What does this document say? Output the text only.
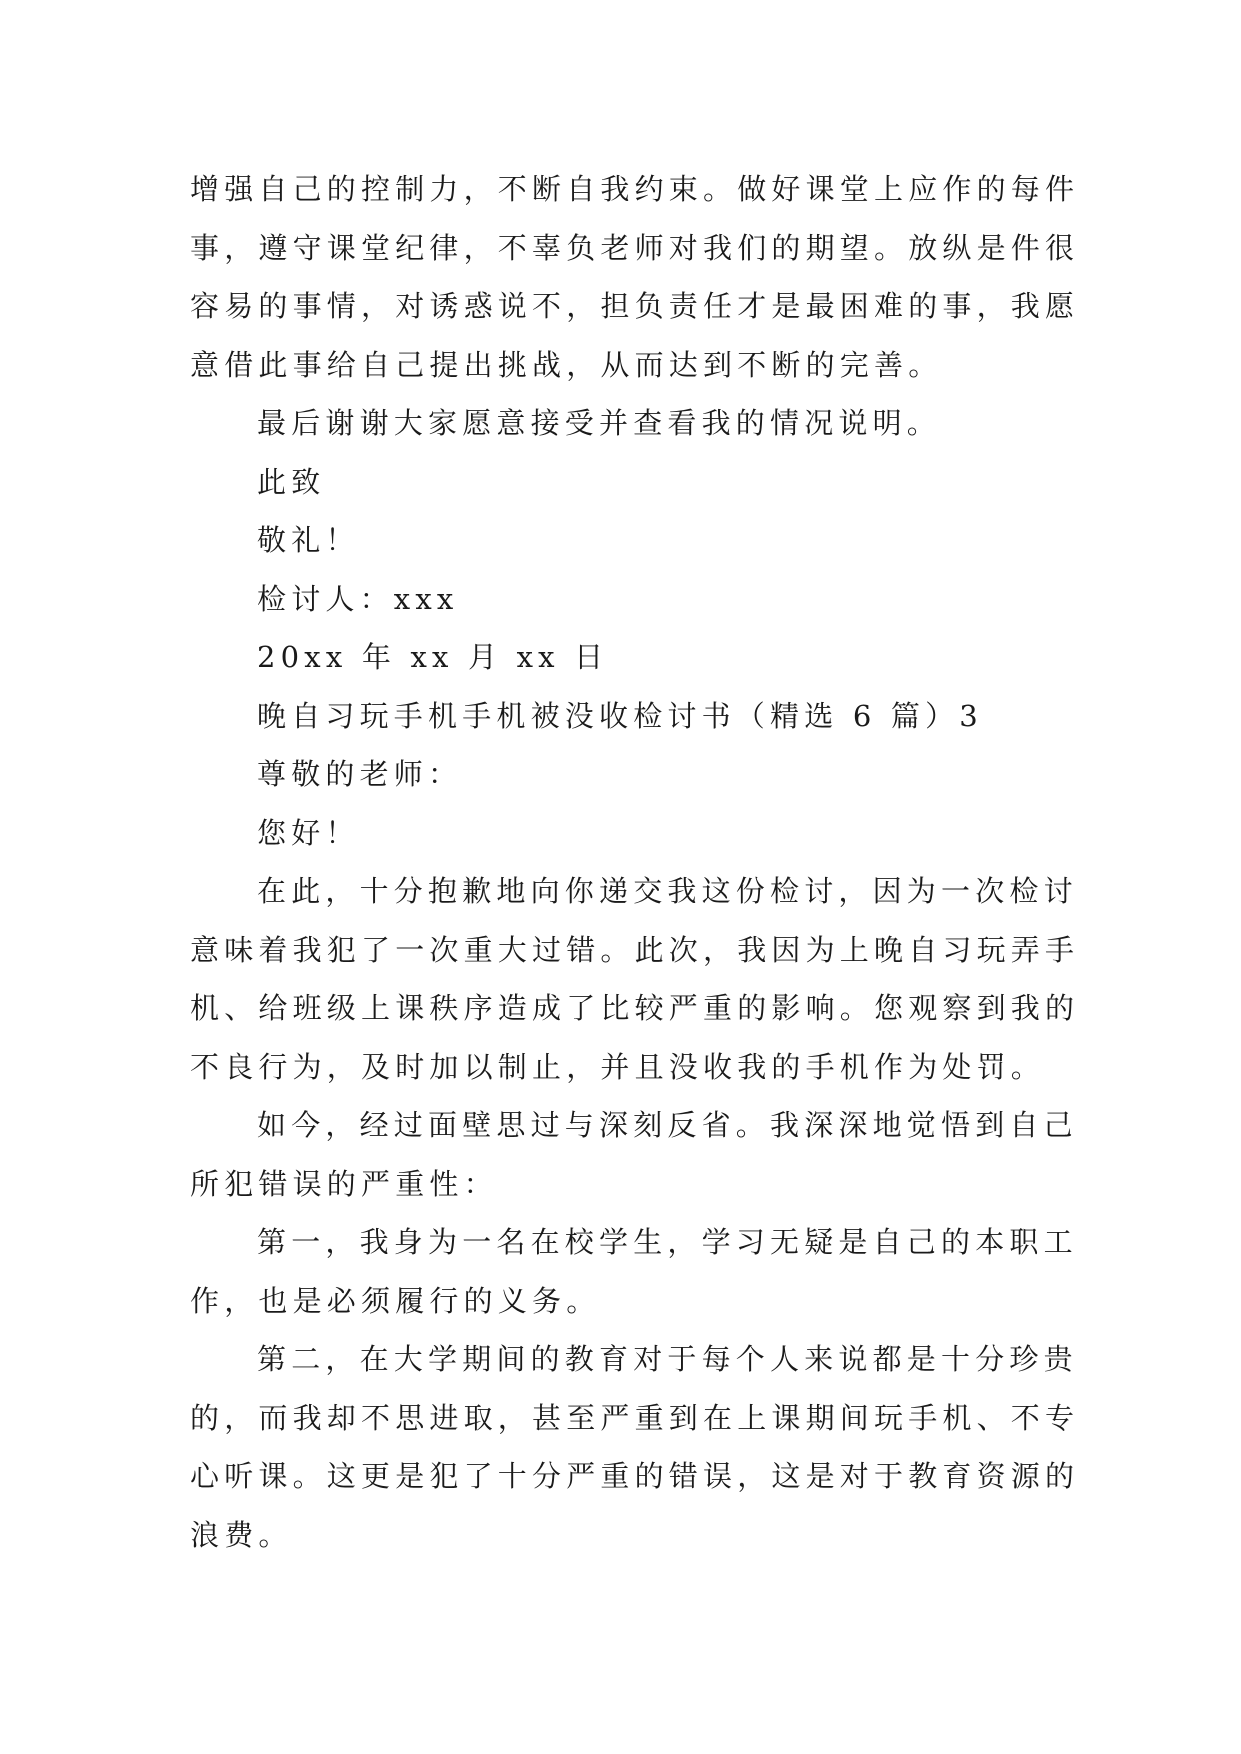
增强自己的控制力，不断自我约束。做好课堂上应作的每件
事，遵守课堂纪律，不辜负老师对我们的期望。放纵是件很
容易的事情，对诱惑说不，担负责任才是最困难的事，我愿
意借此事给自己提出挑战，从而达到不断的完善。
最后谢谢大家愿意接受并查看我的情况说明。
此致
敬礼！
检讨人：xxx
20xx 年 xx 月 xx 日
晚自习玩手机手机被没收检讨书（精选 6 篇）3
尊敬的老师：
您好！
在此，十分抱歉地向你递交我这份检讨，因为一次检讨
意味着我犯了一次重大过错。此次，我因为上晚自习玩弄手
机、给班级上课秩序造成了比较严重的影响。您观察到我的
不良行为，及时加以制止，并且没收我的手机作为处罚。
如今，经过面壁思过与深刻反省。我深深地觉悟到自己
所犯错误的严重性：
第一，我身为一名在校学生，学习无疑是自己的本职工
作，也是必须履行的义务。
第二，在大学期间的教育对于每个人来说都是十分珍贵
的，而我却不思进取，甚至严重到在上课期间玩手机、不专
心听课。这更是犯了十分严重的错误，这是对于教育资源的
浪费。
